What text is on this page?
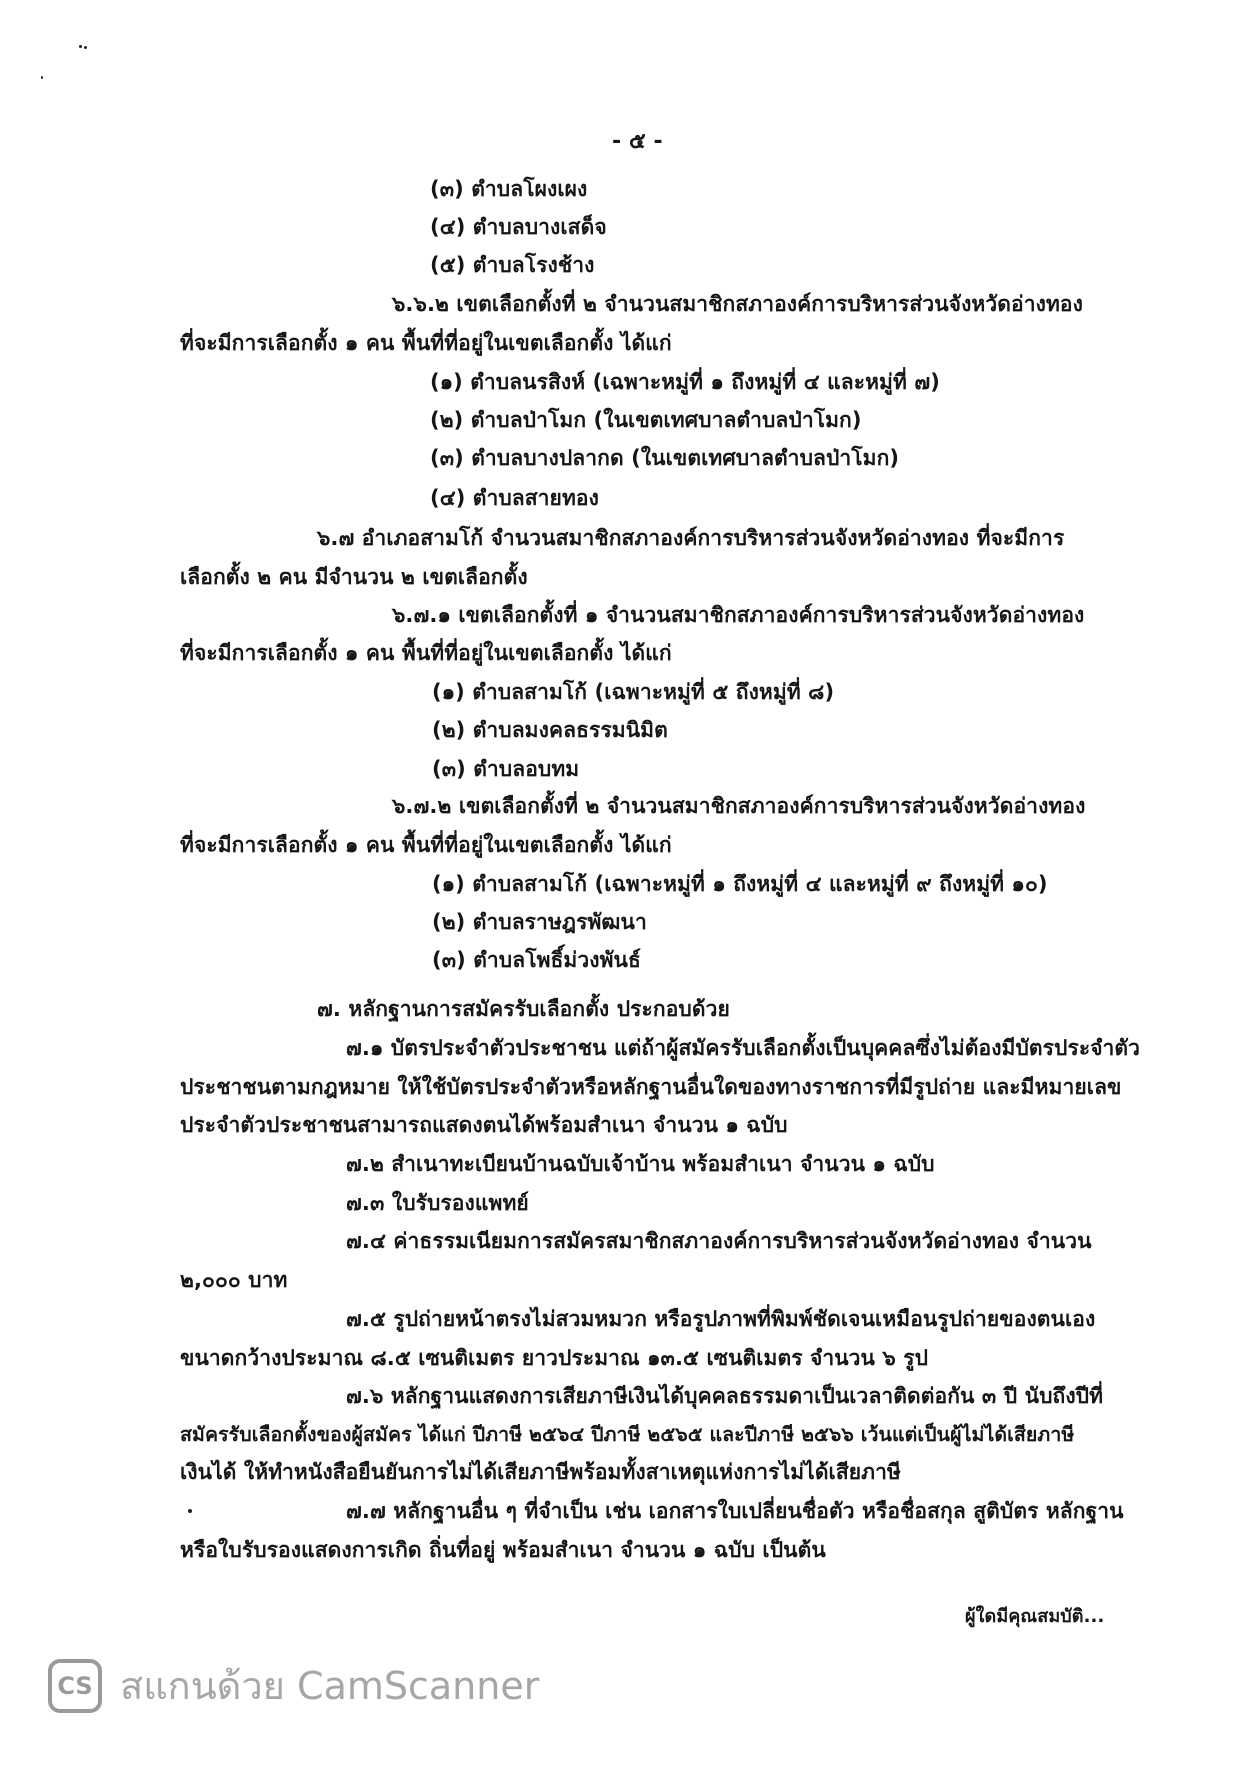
- ๕ -
(๓) ตำบลโผงเผง
(๔) ตำบลบางเสด็จ
(๕) ตำบลโรงช้าง
๖.๖.๒ เขตเลือกตั้งที่ ๒ จำนวนสมาชิกสภาองค์การบริหารส่วนจังหวัดอ่างทอง
ที่จะมีการเลือกตั้ง ๑ คน พื้นที่ที่อยู่ในเขตเลือกตั้ง ได้แก่
(๑) ตำบลนรสิงห์ (เฉพาะหมู่ที่ ๑ ถึงหมู่ที่ ๔ และหมู่ที่ ๗)
(๒) ตำบลป่าโมก (ในเขตเทศบาลตำบลป่าโมก)
(๓) ตำบลบางปลากด (ในเขตเทศบาลตำบลป่าโมก)
(๔) ตำบลสายทอง
๖.๗ อำเภอสามโก้ จำนวนสมาชิกสภาองค์การบริหารส่วนจังหวัดอ่างทอง ที่จะมีการ
เลือกตั้ง ๒ คน มีจำนวน ๒ เขตเลือกตั้ง
๖.๗.๑ เขตเลือกตั้งที่ ๑ จำนวนสมาชิกสภาองค์การบริหารส่วนจังหวัดอ่างทอง
ที่จะมีการเลือกตั้ง ๑ คน พื้นที่ที่อยู่ในเขตเลือกตั้ง ได้แก่
(๑) ตำบลสามโก้ (เฉพาะหมู่ที่ ๕ ถึงหมู่ที่ ๘)
(๒) ตำบลมงคลธรรมนิมิต
(๓) ตำบลอบทม
๖.๗.๒ เขตเลือกตั้งที่ ๒ จำนวนสมาชิกสภาองค์การบริหารส่วนจังหวัดอ่างทอง
ที่จะมีการเลือกตั้ง ๑ คน พื้นที่ที่อยู่ในเขตเลือกตั้ง ได้แก่
(๑) ตำบลสามโก้ (เฉพาะหมู่ที่ ๑ ถึงหมู่ที่ ๔ และหมู่ที่ ๙ ถึงหมู่ที่ ๑๐)
(๒) ตำบลราษฎรพัฒนา
(๓) ตำบลโพธิ์ม่วงพันธ์
๗. หลักฐานการสมัครรับเลือกตั้ง ประกอบด้วย
๗.๑ บัตรประจำตัวประชาชน แต่ถ้าผู้สมัครรับเลือกตั้งเป็นบุคคลซึ่งไม่ต้องมีบัตรประจำตัว
ประชาชนตามกฎหมาย ให้ใช้บัตรประจำตัวหรือหลักฐานอื่นใดของทางราชการที่มีรูปถ่าย และมีหมายเลข
ประจำตัวประชาชนสามารถแสดงตนได้พร้อมสำเนา จำนวน ๑ ฉบับ
๗.๒ สำเนาทะเบียนบ้านฉบับเจ้าบ้าน พร้อมสำเนา จำนวน ๑ ฉบับ
๗.๓ ใบรับรองแพทย์
๗.๔ ค่าธรรมเนียมการสมัครสมาชิกสภาองค์การบริหารส่วนจังหวัดอ่างทอง จำนวน
๒,๐๐๐ บาท
๗.๕ รูปถ่ายหน้าตรงไม่สวมหมวก หรือรูปภาพที่พิมพ์ชัดเจนเหมือนรูปถ่ายของตนเอง
ขนาดกว้างประมาณ ๘.๕ เซนติเมตร ยาวประมาณ ๑๓.๕ เซนติเมตร จำนวน ๖ รูป
๗.๖ หลักฐานแสดงการเสียภาษีเงินได้บุคคลธรรมดาเป็นเวลาติดต่อกัน ๓ ปี นับถึงปีที่
สมัครรับเลือกตั้งของผู้สมัคร ได้แก่ ปีภาษี ๒๕๖๔ ปีภาษี ๒๕๖๕ และปีภาษี ๒๕๖๖ เว้นแต่เป็นผู้ไม่ได้เสียภาษี
เงินได้ ให้ทำหนังสือยืนยันการไม่ได้เสียภาษีพร้อมทั้งสาเหตุแห่งการไม่ได้เสียภาษี
๗.๗ หลักฐานอื่น ๆ ที่จำเป็น เช่น เอกสารใบเปลี่ยนชื่อตัว หรือชื่อสกุล สูติบัตร หลักฐาน
หรือใบรับรองแสดงการเกิด ถิ่นที่อยู่ พร้อมสำเนา จำนวน ๑ ฉบับ เป็นต้น
ผู้ใดมีคุณสมบัติ...
CS สแกนด้วย CamScanner
